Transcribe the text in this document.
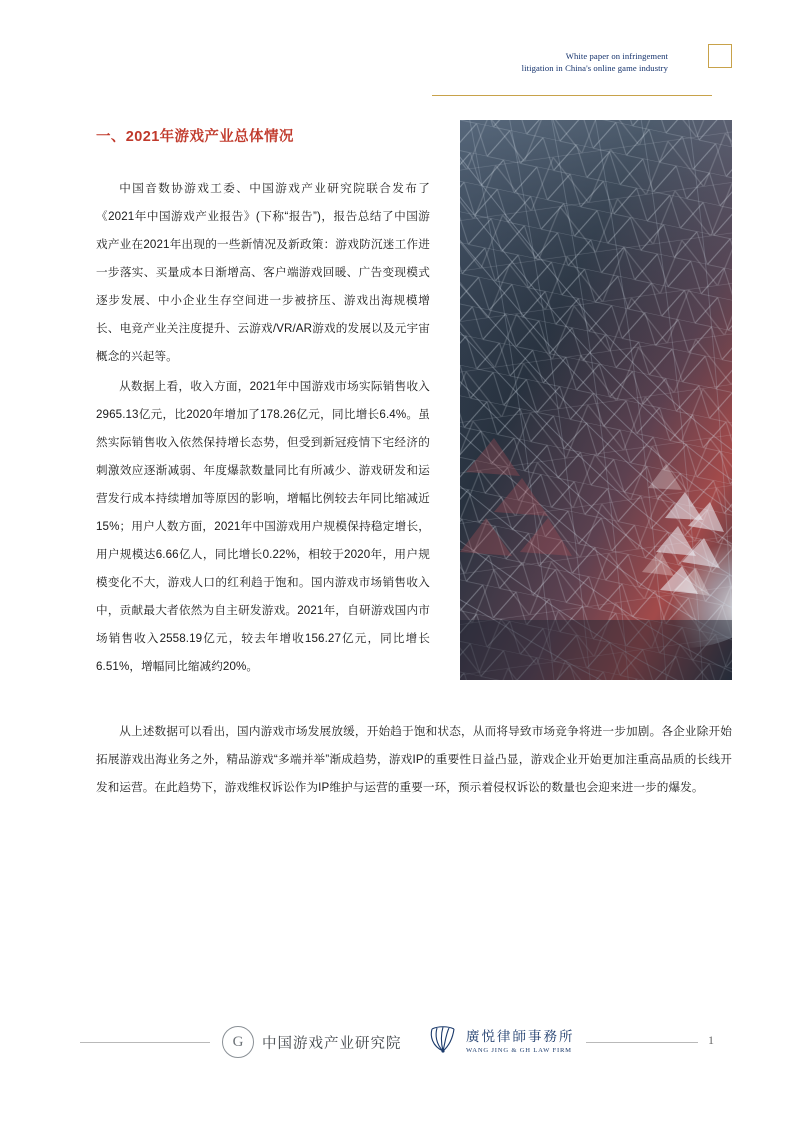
White paper on infringement
litigation in China's online game industry
一、2021年游戏产业总体情况

中国音数协游戏工委、中国游戏产业研究院联合发布了《2021年中国游戏产业报告》(下称“报告”)，报告总结了中国游戏产业在2021年出现的一些新情况及新政策：游戏防沉迷工作进一步落实、买量成本日渐增高、客户端游戏回暖、广告变现模式逐步发展、中小企业生存空间进一步被挤压、游戏出海规模增长、电竞产业关注度提升、云游戏/VR/AR游戏的发展以及元宇宙概念的兴起等。

从数据上看，收入方面，2021年中国游戏市场实际销售收入2965.13亿元，比2020年增加了178.26亿元，同比增长6.4%。虽然实际销售收入依然保持增长态势，但受到新冠疫情下宅经济的刺激效应逐渐减弱、年度爆款数量同比有所减少、游戏研发和运营发行成本持续增加等原因的影响，增幅比例较去年同比缩减近15%；用户人数方面，2021年中国游戏用户规模保持稳定增长，用户规模达6.66亿人，同比增长0.22%，相较于2020年，用户规模变化不大，游戏人口的红利趋于饱和。国内游戏市场销售收入中，贡献最大者依然为自主研发游戏。2021年，自研游戏国内市场销售收入2558.19亿元，较去年增收156.27亿元，同比增长6.51%，增幅同比缩减约20%。

从上述数据可以看出，国内游戏市场发展放缓，开始趋于饱和状态，从而将导致市场竞争将进一步加剧。各企业除开始拓展游戏出海业务之外，精品游戏“多端并举”渐成趋势，游戏IP的重要性日益凸显，游戏企业开始更加注重高品质的长线开发和运营。在此趋势下，游戏维权诉讼作为IP维护与运营的重要一环，预示着侵权诉讼的数量也会迎来进一步的爆发。

G 中国游戏产业研究院	廣悦律師事務所
WANG JING & GH LAW FIRM
1
